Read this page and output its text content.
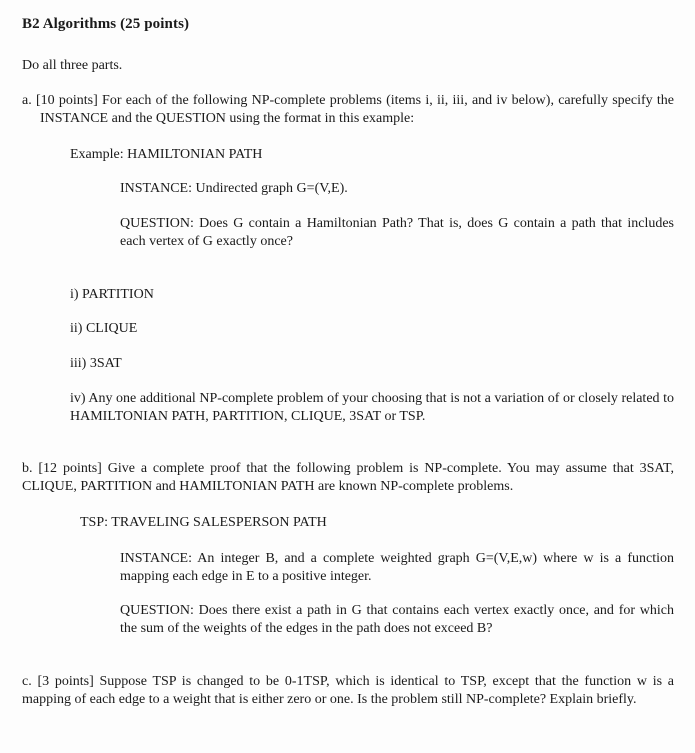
B2 Algorithms (25 points)
Do all three parts.
a. [10 points] For each of the following NP-complete problems (items i, ii, iii, and iv below), carefully specify the INSTANCE and the QUESTION using the format in this example:
Example: HAMILTONIAN PATH
INSTANCE: Undirected graph G=(V,E).
QUESTION: Does G contain a Hamiltonian Path? That is, does G contain a path that includes each vertex of G exactly once?
i) PARTITION
ii) CLIQUE
iii) 3SAT
iv) Any one additional NP-complete problem of your choosing that is not a variation of or closely related to HAMILTONIAN PATH, PARTITION, CLIQUE, 3SAT or TSP.
b. [12 points] Give a complete proof that the following problem is NP-complete. You may assume that 3SAT, CLIQUE, PARTITION and HAMILTONIAN PATH are known NP-complete problems.
TSP: TRAVELING SALESPERSON PATH
INSTANCE: An integer B, and a complete weighted graph G=(V,E,w) where w is a function mapping each edge in E to a positive integer.
QUESTION: Does there exist a path in G that contains each vertex exactly once, and for which the sum of the weights of the edges in the path does not exceed B?
c. [3 points] Suppose TSP is changed to be 0-1TSP, which is identical to TSP, except that the function w is a mapping of each edge to a weight that is either zero or one. Is the problem still NP-complete? Explain briefly.
